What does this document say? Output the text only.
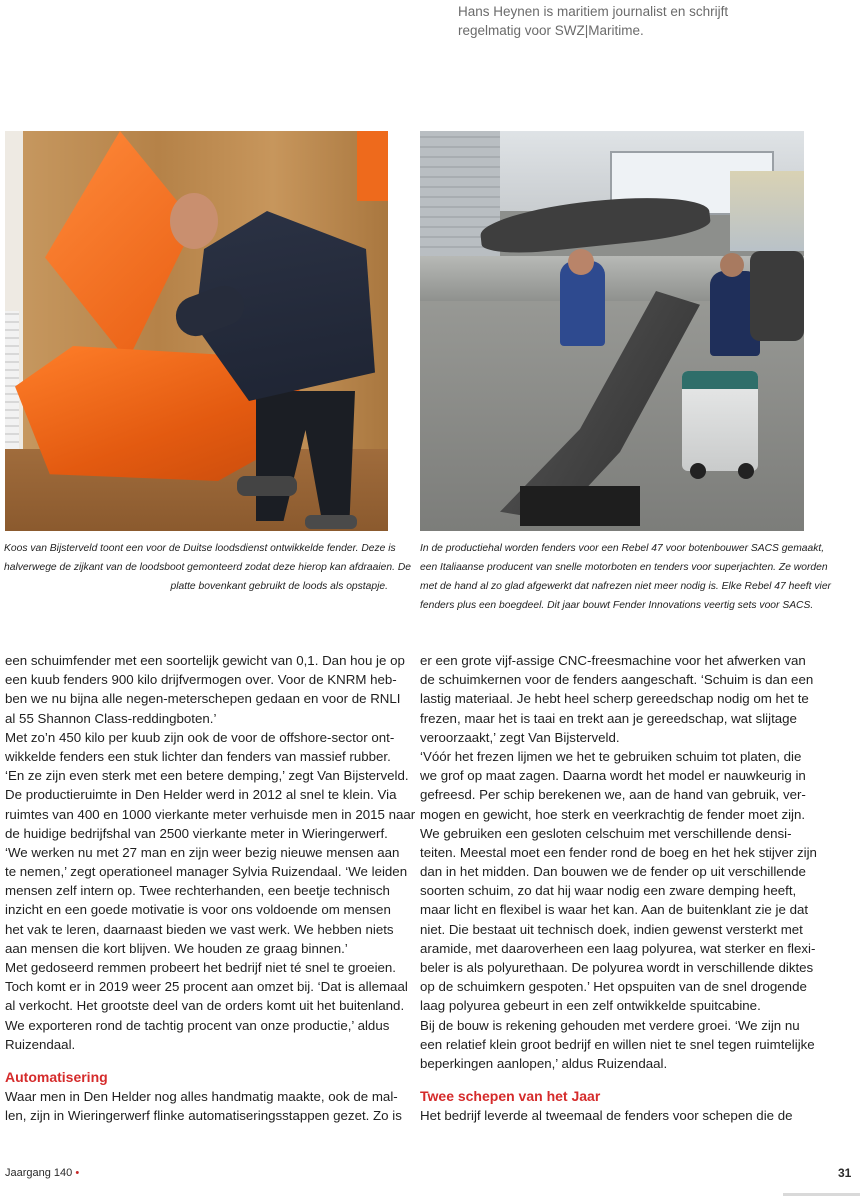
Hans Heynen is maritiem journalist en schrijft
regelmatig voor SWZ|Maritime.
Koos van Bijsterveld toont een voor de Duitse loodsdienst ontwikkelde fender. Deze is
halverwege de zijkant van de loodsboot gemonteerd zodat deze hierop kan afdraaien. De
platte bovenkant gebruikt de loods als opstapje.
In de productiehal worden fenders voor een Rebel 47 voor botenbouwer SACS gemaakt,
een Italiaanse producent van snelle motorboten en tenders voor superjachten. Ze worden
met de hand al zo glad afgewerkt dat nafrezen niet meer nodig is. Elke Rebel 47 heeft vier
fenders plus een boegdeel. Dit jaar bouwt Fender Innovations veertig sets voor SACS.
een schuimfender met een soortelijk gewicht van 0,1. Dan hou je op
een kuub fenders 900 kilo drijfvermogen over. Voor de KNRM heb-
ben we nu bijna alle negen-meterschepen gedaan en voor de RNLI
al 55 Shannon Class-reddingboten.’
Met zo’n 450 kilo per kuub zijn ook de voor de offshore-sector ont-
wikkelde fenders een stuk lichter dan fenders van massief rubber.
‘En ze zijn even sterk met een betere demping,’ zegt Van Bijsterveld.
De productieruimte in Den Helder werd in 2012 al snel te klein. Via
ruimtes van 400 en 1000 vierkante meter verhuisde men in 2015 naar
de huidige bedrijfshal van 2500 vierkante meter in Wieringerwerf.
‘We werken nu met 27 man en zijn weer bezig nieuwe mensen aan
te nemen,’ zegt operationeel manager Sylvia Ruizendaal. ‘We leiden
mensen zelf intern op. Twee rechterhanden, een beetje technisch
inzicht en een goede motivatie is voor ons voldoende om mensen
het vak te leren, daarnaast bieden we vast werk. We hebben niets
aan mensen die kort blijven. We houden ze graag binnen.’
Met gedoseerd remmen probeert het bedrijf niet té snel te groeien.
Toch komt er in 2019 weer 25 procent aan omzet bij. ‘Dat is allemaal
al verkocht. Het grootste deel van de orders komt uit het buitenland.
We exporteren rond de tachtig procent van onze productie,’ aldus
Ruizendaal.
Automatisering
Waar men in Den Helder nog alles handmatig maakte, ook de mal-
len, zijn in Wieringerwerf flinke automatiseringsstappen gezet. Zo is
er een grote vijf-assige CNC-freesmachine voor het afwerken van
de schuimkernen voor de fenders aangeschaft. ‘Schuim is dan een
lastig materiaal. Je hebt heel scherp gereedschap nodig om het te
frezen, maar het is taai en trekt aan je gereedschap, wat slijtage
veroorzaakt,’ zegt Van Bijsterveld.
‘Vóór het frezen lijmen we het te gebruiken schuim tot platen, die
we grof op maat zagen. Daarna wordt het model er nauwkeurig in
gefreesd. Per schip berekenen we, aan de hand van gebruik, ver-
mogen en gewicht, hoe sterk en veerkrachtig de fender moet zijn.
We gebruiken een gesloten celschuim met verschillende densi-
teiten. Meestal moet een fender rond de boeg en het hek stijver zijn
dan in het midden. Dan bouwen we de fender op uit verschillende
soorten schuim, zo dat hij waar nodig een zware demping heeft,
maar licht en flexibel is waar het kan. Aan de buitenklant zie je dat
niet. Die bestaat uit technisch doek, indien gewenst versterkt met
aramide, met daaroverheen een laag polyurea, wat sterker en flexi-
beler is als polyurethaan. De polyurea wordt in verschillende diktes
op de schuimkern gespoten.’ Het opspuiten van de snel drogende
laag polyurea gebeurt in een zelf ontwikkelde spuitcabine.
Bij de bouw is rekening gehouden met verdere groei. ‘We zijn nu
een relatief klein groot bedrijf en willen niet te snel tegen ruimtelijke
beperkingen aanlopen,’ aldus Ruizendaal.
Twee schepen van het Jaar
Het bedrijf leverde al tweemaal de fenders voor schepen die de
Jaargang 140 •	31
